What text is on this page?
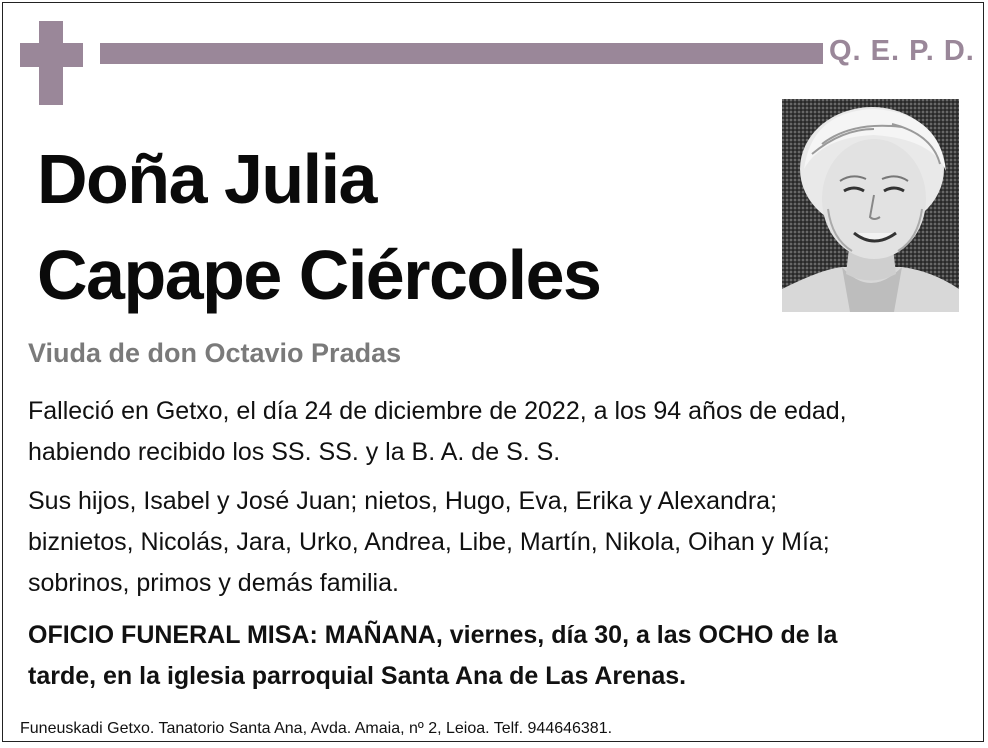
Q. E. P. D.
Doña Julia
Capape Ciércoles
Viuda de don Octavio Pradas
Falleció en Getxo, el día 24 de diciembre de 2022, a los 94 años de edad,
habiendo recibido los SS. SS. y la B. A. de S. S.
Sus hijos, Isabel y José Juan; nietos, Hugo, Eva, Erika y Alexandra;
biznietos, Nicolás, Jara, Urko, Andrea, Libe, Martín, Nikola, Oihan y Mía;
sobrinos, primos y demás familia.
OFICIO FUNERAL MISA: MAÑANA, viernes, día 30, a las OCHO de la
tarde, en la iglesia parroquial Santa Ana de Las Arenas.
Funeuskadi Getxo. Tanatorio Santa Ana, Avda. Amaia, nº 2, Leioa. Telf. 944646381.
